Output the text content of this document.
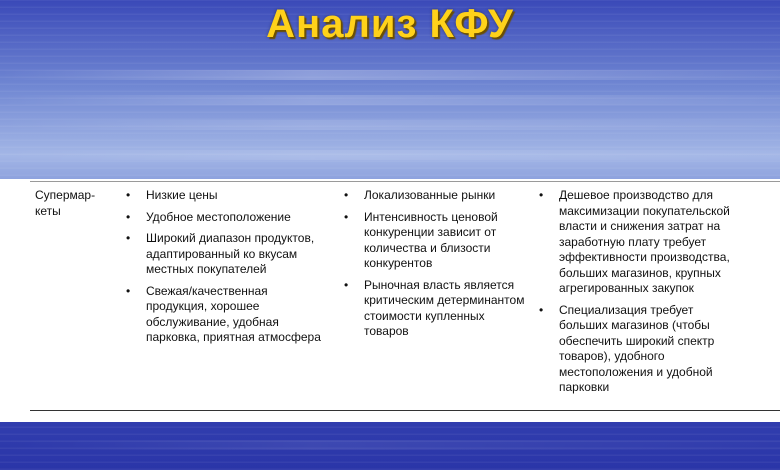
Анализ КФУ
Супермар-
кеты
• Низкие цены
• Удобное местоположение
• Широкий диапазон продуктов, адаптированный ко вкусам местных покупателей
• Свежая/качественная продукция, хорошее обслуживание, удобная парковка, приятная атмосфера
• Локализованные рынки
• Интенсивность ценовой конкуренции зависит от количества и близости конкурентов
• Рыночная власть является критическим детерминантом стоимости купленных товаров
• Дешевое производство для максимизации покупательской власти и снижения затрат на заработную плату требует эффективности производства, больших магазинов, крупных агрегированных закупок
• Специализация требует больших магазинов (чтобы обеспечить широкий спектр товаров), удобного местоположения и удобной парковки
